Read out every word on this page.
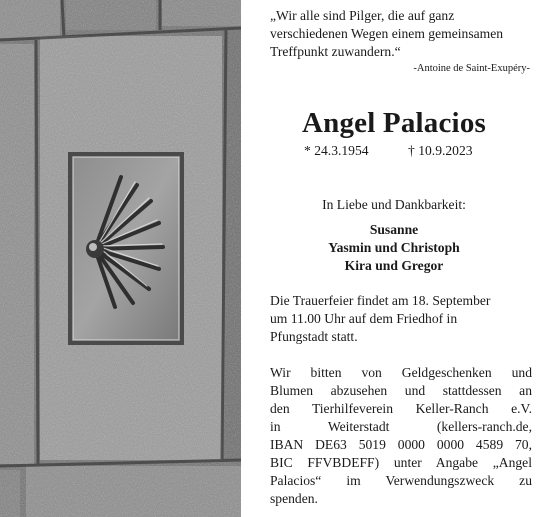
„Wir alle sind Pilger, die auf ganz
verschiedenen Wegen einem gemeinsamen
Treffpunkt zuwandern.“

-Antoine de Saint-Exupéry-
Angel Palacios
* 24.3.1954	† 10.9.2023
In Liebe und Dankbarkeit:
Susanne
Yasmin und Christoph
Kira und Gregor

Die Trauerfeier findet am 18. September
um 11.00 Uhr auf dem Friedhof in
Pfungstadt statt.

Wir bitten von Geldgeschenken und
Blumen abzusehen und stattdessen an
den Tierhilfeverein Keller-Ranch e.V.
in Weiterstadt (kellers-ranch.de,
IBAN DE63 5019 0000 0000 4589 70,
BIC FFVBDEFF) unter Angabe „Angel
Palacios“ im Verwendungszweck zu
spenden.
